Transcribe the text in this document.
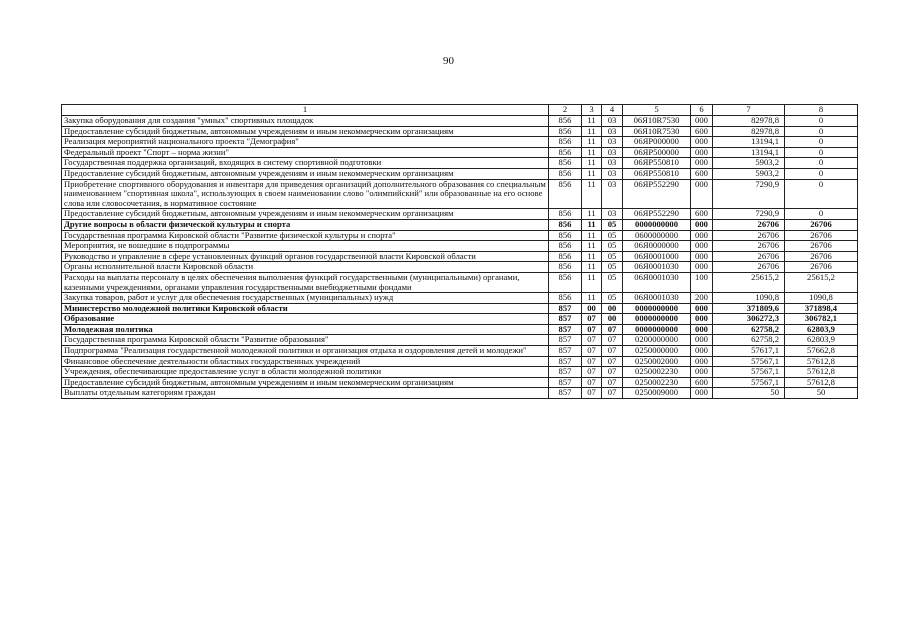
90
1	2	3	4	5	6	7	8
Закупка оборудования для создания "умных" спортивных площадок	856	11	03	06Я10R7530	000	82978,8	0
Предоставление субсидий бюджетным, автономным учреждениям и иным некоммерческим организациям	856	11	03	06Я10R7530	600	82978,8	0
Реализация мероприятий национального проекта "Демография"	856	11	03	06ЯP000000	000	13194,1	0
Федеральный проект "Спорт – норма жизни"	856	11	03	06ЯP500000	000	13194,1	0
Государственная поддержка организаций, входящих в систему спортивной подготовки	856	11	03	06ЯP550810	000	5903,2	0
Предоставление субсидий бюджетным, автономным учреждениям и иным некоммерческим организациям	856	11	03	06ЯP550810	600	5903,2	0
Приобретение спортивного оборудования и инвентаря для приведения организаций дополнительного образования со специальным наименованием "спортивная школа", использующих в своем наименовании слово "олимпийский" или образованные на его основе слова или словосочетания, в нормативное состояние	856	11	03	06ЯP552290	000	7290,9	0
Предоставление субсидий бюджетным, автономным учреждениям и иным некоммерческим организациям	856	11	03	06ЯP552290	600	7290,9	0
Другие вопросы в области физической культуры и спорта	856	11	05	0000000000	000	26706	26706
Государственная программа Кировской области "Развитие физической культуры и спорта"	856	11	05	0600000000	000	26706	26706
Мероприятия, не вошедшие в подпрограммы	856	11	05	06Я0000000	000	26706	26706
Руководство и управление в сфере установленных функций органов государственной власти Кировской области	856	11	05	06Я0001000	000	26706	26706
Органы исполнительной власти Кировской области	856	11	05	06Я0001030	000	26706	26706
Расходы на выплаты персоналу в целях обеспечения выполнения функций государственными (муниципальными) органами, казенными учреждениями, органами управления государственными внебюджетными фондами	856	11	05	06Я0001030	100	25615,2	25615,2
Закупка товаров, работ и услуг для обеспечения государственных (муниципальных) нужд	856	11	05	06Я0001030	200	1090,8	1090,8
Министерство молодежной политики Кировской области	857	00	00	0000000000	000	371809,6	371898,4
Образование	857	07	00	0000000000	000	306272,3	306782,1
Молодежная политика	857	07	07	0000000000	000	62758,2	62803,9
Государственная программа Кировской области "Развитие образования"	857	07	07	0200000000	000	62758,2	62803,9
Подпрограмма "Реализация государственной молодежной политики и организация отдыха и оздоровления детей и молодежи"	857	07	07	0250000000	000	57617,1	57662,8
Финансовое обеспечение деятельности областных государственных учреждений	857	07	07	0250002000	000	57567,1	57612,8
Учреждения, обеспечивающие предоставление услуг в области молодежной политики	857	07	07	0250002230	000	57567,1	57612,8
Предоставление субсидий бюджетным, автономным учреждениям и иным некоммерческим организациям	857	07	07	0250002230	600	57567,1	57612,8
Выплаты отдельным категориям граждан	857	07	07	0250009000	000	50	50
